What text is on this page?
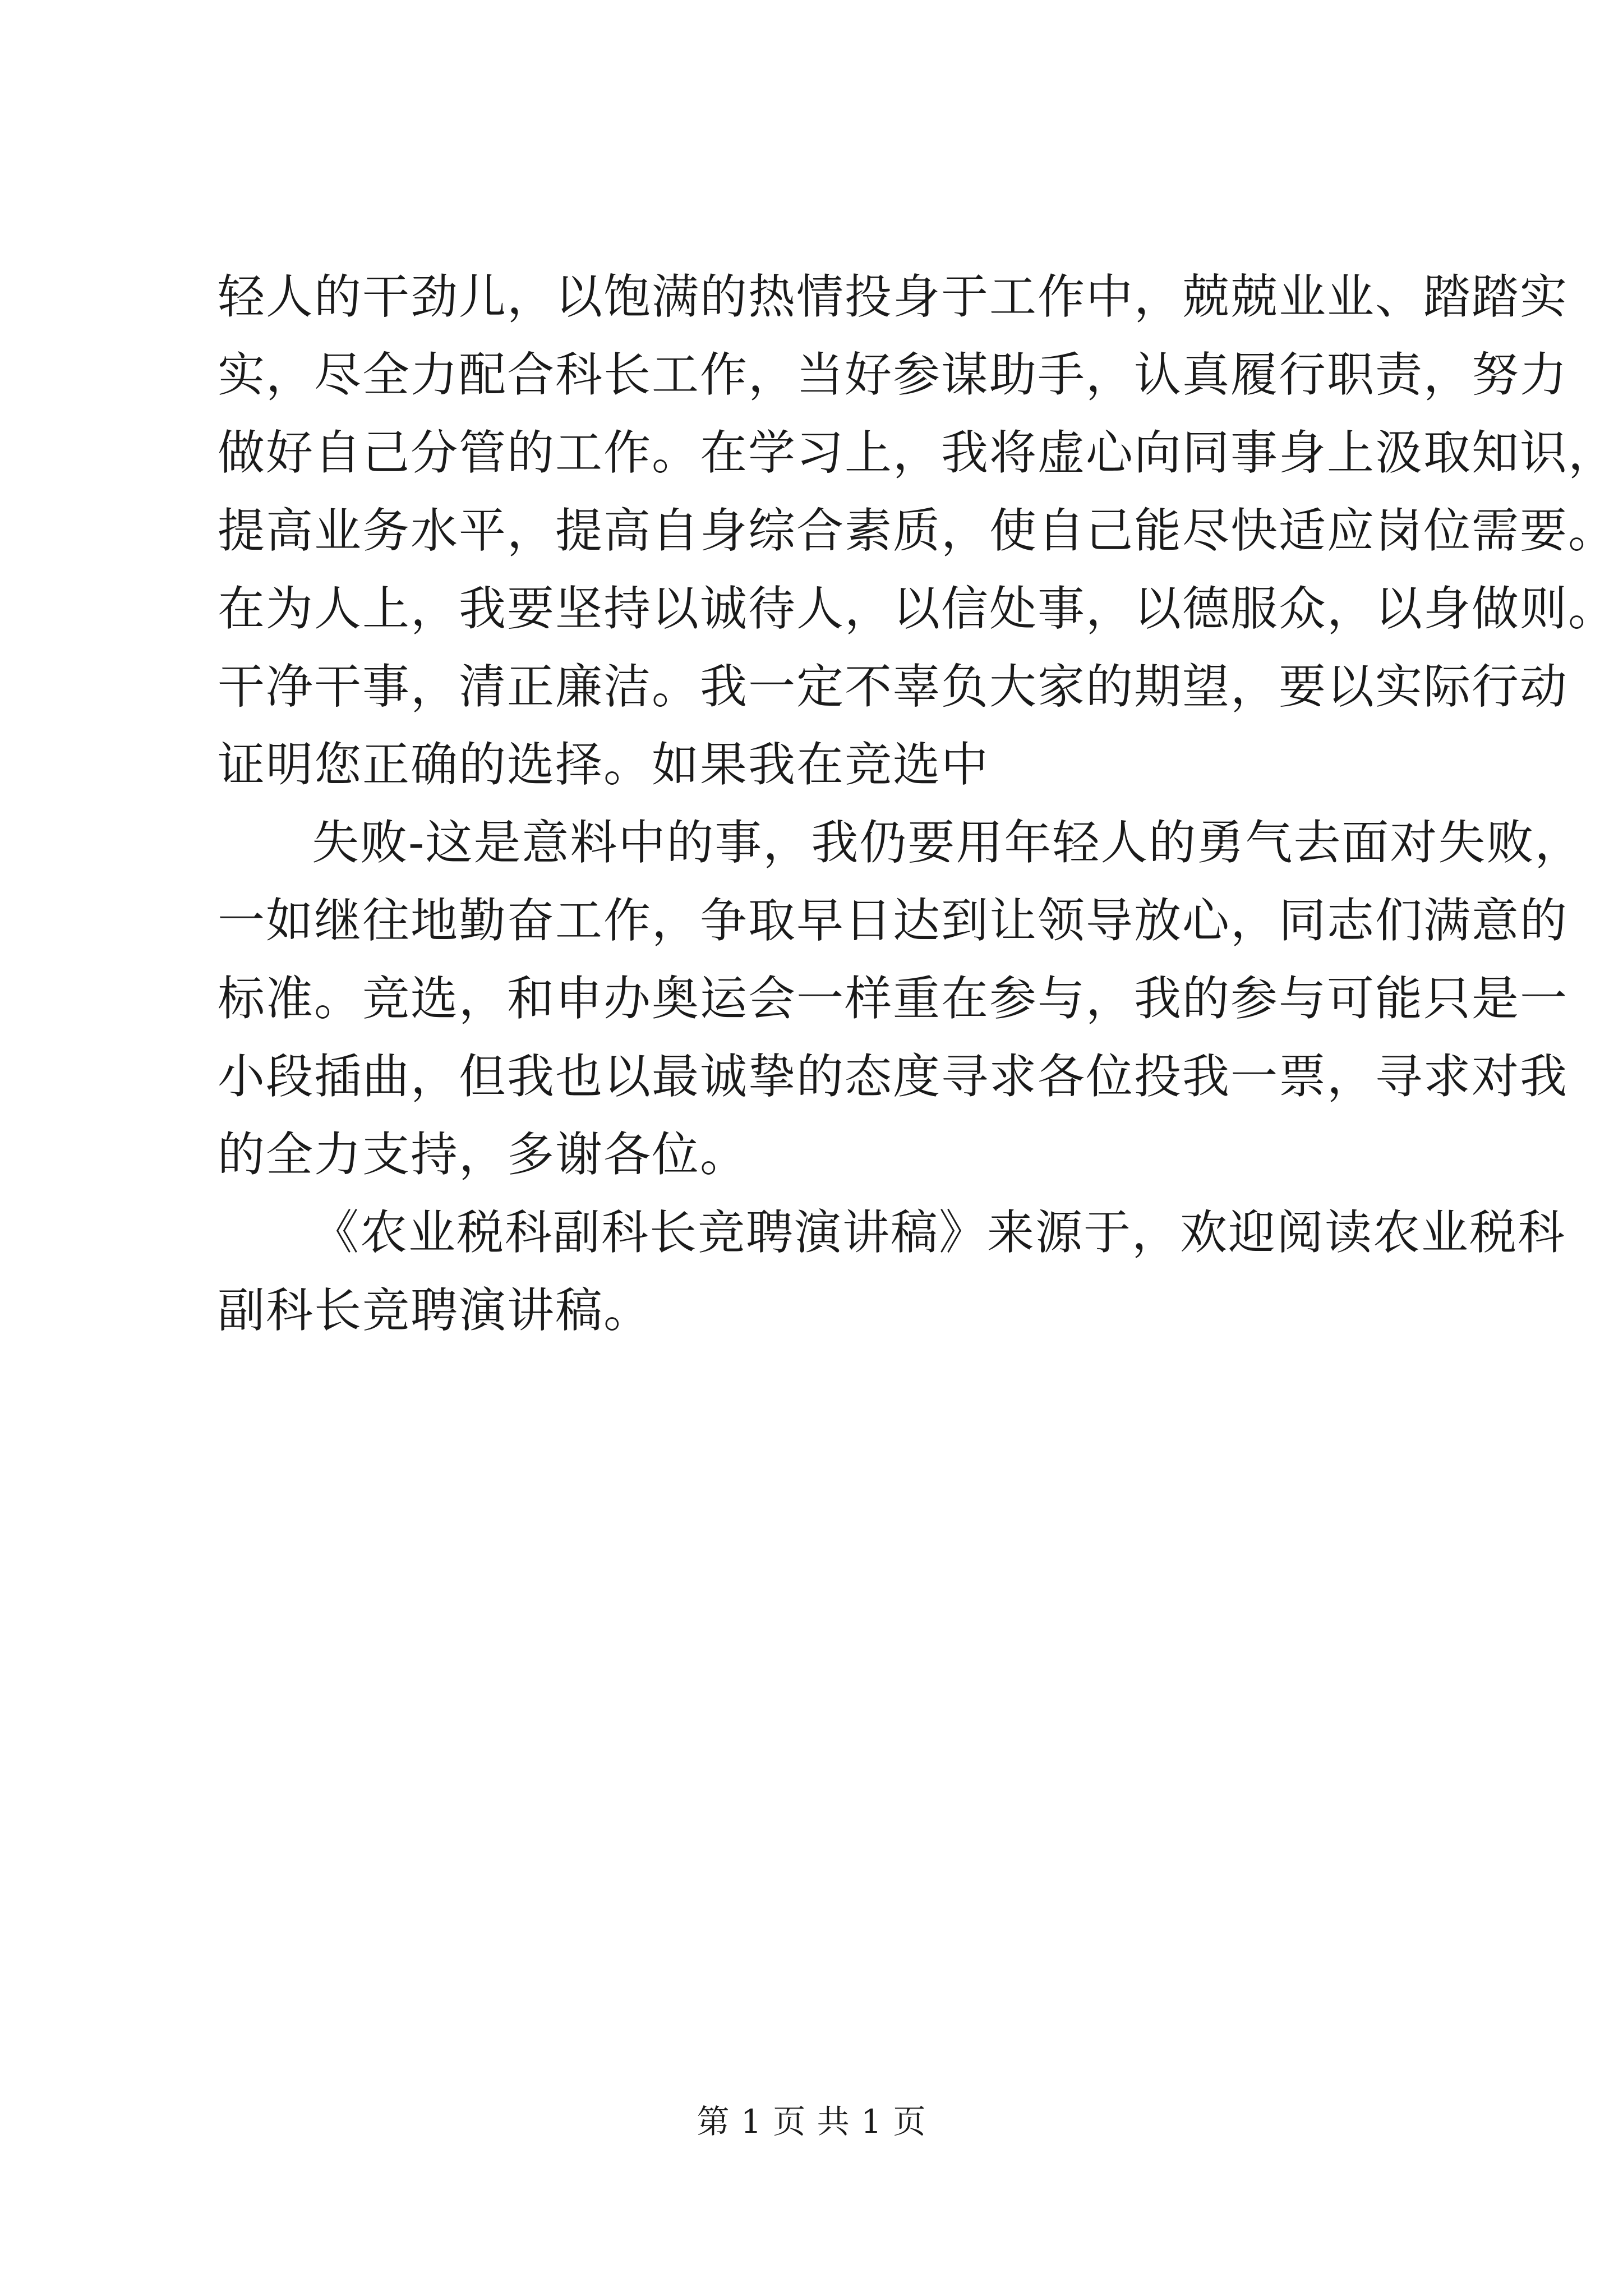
轻人的干劲儿，以饱满的热情投身于工作中，兢兢业业、踏踏实
实，尽全力配合科长工作，当好参谋助手，认真履行职责，努力
做好自己分管的工作。在学习上，我将虚心向同事身上汲取知识，
提高业务水平，提高自身综合素质，使自己能尽快适应岗位需要。
在为人上，我要坚持以诚待人，以信处事，以德服众，以身做则。
干净干事，清正廉洁。我一定不辜负大家的期望，要以实际行动
证明您正确的选择。如果我在竞选中
失败-这是意料中的事，我仍要用年轻人的勇气去面对失败，
一如继往地勤奋工作，争取早日达到让领导放心，同志们满意的
标准。竞选，和申办奥运会一样重在参与，我的参与可能只是一
小段插曲，但我也以最诚挚的态度寻求各位投我一票，寻求对我
的全力支持，多谢各位。
《农业税科副科长竞聘演讲稿》来源于，欢迎阅读农业税科
副科长竞聘演讲稿。
第 1 页 共 1 页
